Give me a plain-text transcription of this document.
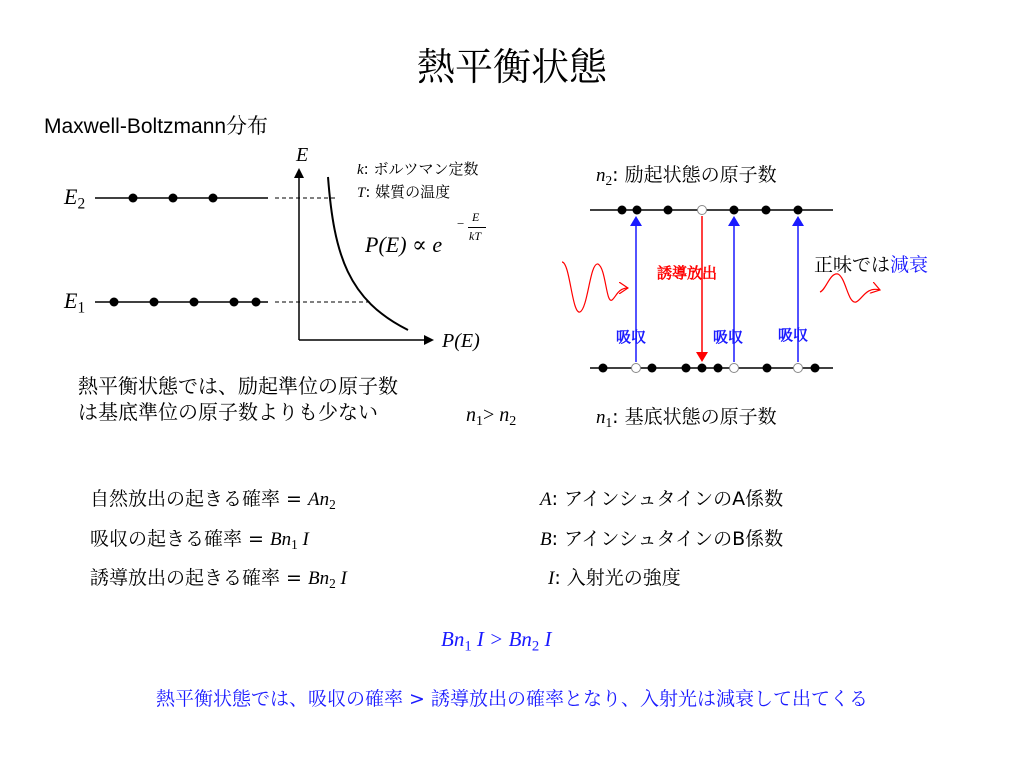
熱平衡状態
Maxwell-Boltzmann分布
E
P(E)
$E_2$
$E_1$
k: ボルツマン定数
T: 媒質の温度
P(E) ∝ e
− E
kT
熱平衡状態では、励起準位の原子数
は基底準位の原子数よりも少ない	$n_1> n_2$
$n_2$: 励起状態の原子数
$n_1$: 基底状態の原子数
誘導放出
吸収	吸収 吸収
正味では減衰
自然放出の起きる確率 = $An_2$
吸収の起きる確率 = $Bn_1$ I
誘導放出の起きる確率 = $Bn_2$ I
A: アインシュタインのA係数
B: アインシュタインのB係数
I: 入射光の強度
$Bn_1$ $I > Bn_2$ I
熱平衡状態では、吸収の確率 > 誘導放出の確率となり、入射光は減衰して出てくる
